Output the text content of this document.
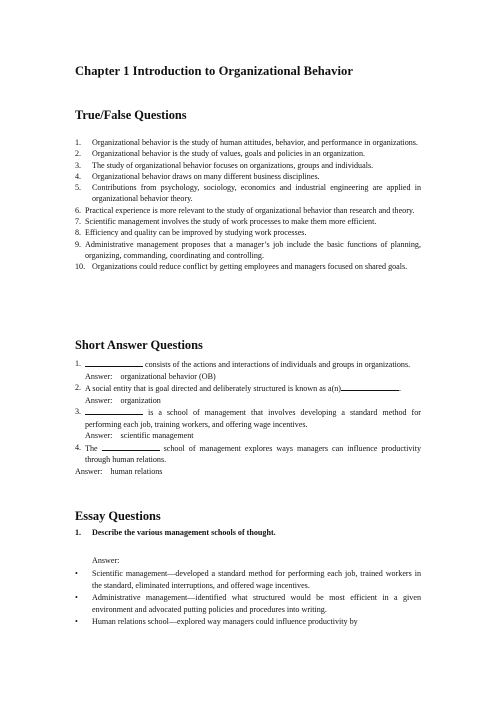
Chapter 1 Introduction to Organizational Behavior
True/False Questions
1.	Organizational behavior is the study of human attitudes, behavior, and performance in organizations.
2.	Organizational behavior is the study of values, goals and policies in an organization.
3.	The study of organizational behavior focuses on organizations, groups and individuals.
4.	Organizational behavior draws on many different business disciplines.
5.	Contributions from psychology, sociology, economics and industrial engineering are applied in organizational behavior theory.
6. Practical experience is more relevant to the study of organizational behavior than research and theory.
7. Scientific management involves the study of work processes to make them more efficient.
8. Efficiency and quality can be improved by studying work processes.
9. Administrative management proposes that a manager’s job include the basic functions of planning, organizing, commanding, coordinating and controlling.
10. Organizations could reduce conflict by getting employees and managers focused on shared goals.
Short Answer Questions
1.	consists of the actions and interactions of individuals and groups in organizations.
Answer:    organizational behavior (OB)
2. A social entity that is goal directed and deliberately structured is known as a(n)	.
Answer:    organization
3.	is a school of management that involves developing a standard method for performing each job, training workers, and offering wage incentives.
Answer:    scientific management
4. The	school of management explores ways managers can influence productivity through human relations.
Answer:    human relations
Essay Questions
1. Describe the various management schools of thought.
Answer:
•	Scientific management—developed a standard method for performing each job, trained workers in the standard, eliminated interruptions, and offered wage incentives.
•	Administrative management—identified what structured would be most efficient in a given environment and advocated putting policies and procedures into writing.
•	Human relations school—explored way managers could influence productivity by
